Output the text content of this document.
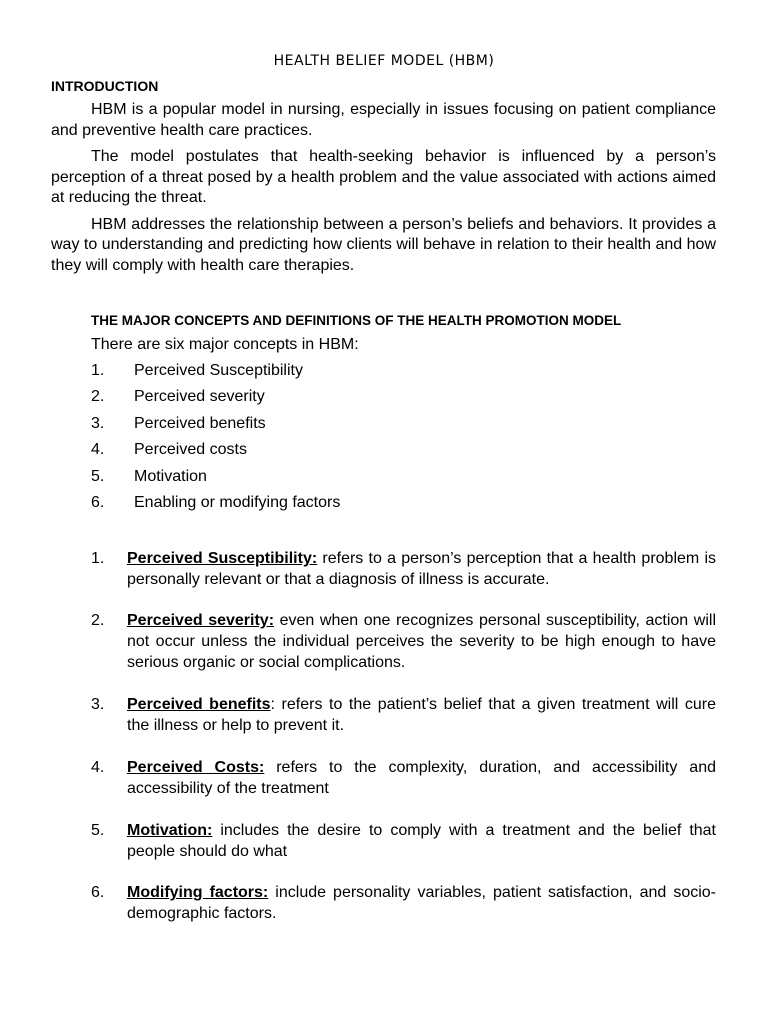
HEALTH BELIEF MODEL (HBM)
INTRODUCTION

HBM is a popular model in nursing, especially in issues focusing on patient compliance and preventive health care practices.

The model postulates that health-seeking behavior is influenced by a person’s perception of a threat posed by a health problem and the value associated with actions aimed at reducing the threat.

HBM addresses the relationship between a person’s beliefs and behaviors. It provides a way to understanding and predicting how clients will behave in relation to their health and how they will comply with health care therapies.

THE MAJOR CONCEPTS AND DEFINITIONS OF THE HEALTH PROMOTION MODEL
There are six major concepts in HBM:
1. Perceived Susceptibility
2. Perceived severity
3. Perceived benefits
4. Perceived costs
5. Motivation
6. Enabling or modifying factors
1. Perceived Susceptibility: refers to a person’s perception that a health problem is personally relevant or that a diagnosis of illness is accurate.
2. Perceived severity: even when one recognizes personal susceptibility, action will not occur unless the individual perceives the severity to be high enough to have serious organic or social complications.
3. Perceived benefits: refers to the patient’s belief that a given treatment will cure the illness or help to prevent it.
4. Perceived Costs: refers to the complexity, duration, and accessibility and accessibility of the treatment
5. Motivation: includes the desire to comply with a treatment and the belief that people should do what
6. Modifying factors: include personality variables, patient satisfaction, and socio-demographic factors.
